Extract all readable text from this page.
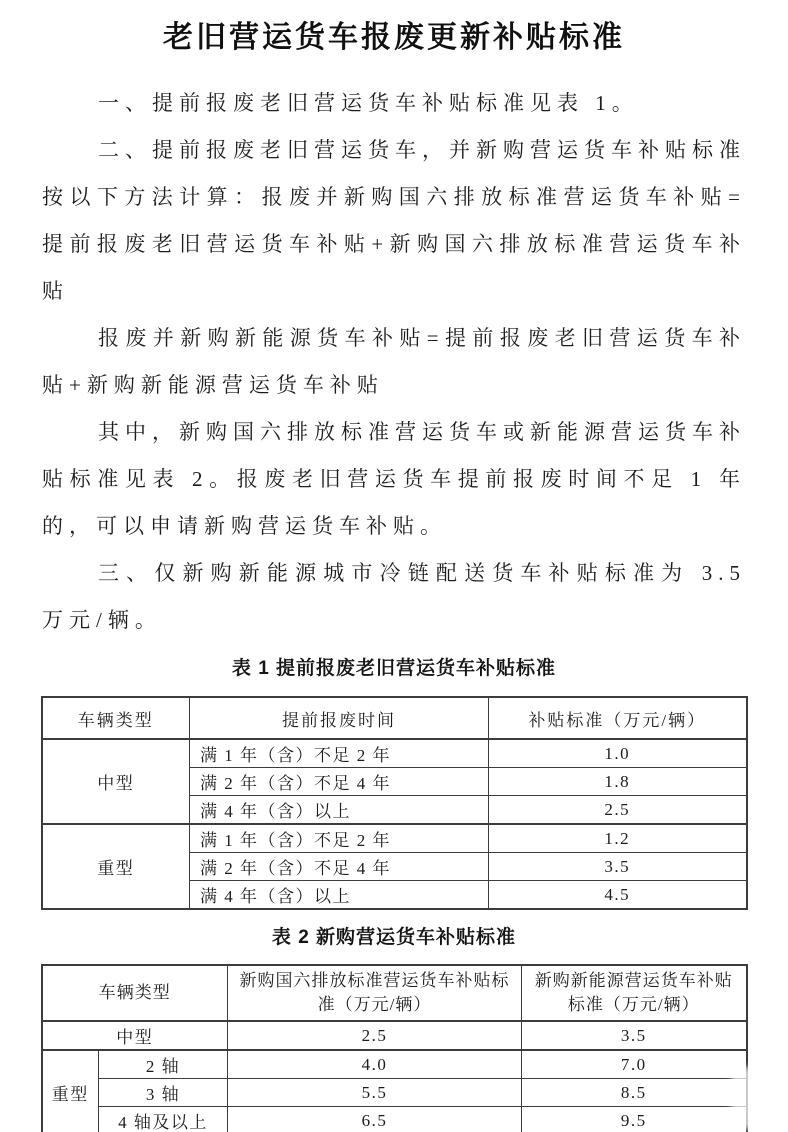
老旧营运货车报废更新补贴标准

一、提前报废老旧营运货车补贴标准见表 1。

二、提前报废老旧营运货车，并新购营运货车补贴标准按以下方法计算：报废并新购国六排放标准营运货车补贴=提前报废老旧营运货车补贴+新购国六排放标准营运货车补贴

报废并新购新能源货车补贴=提前报废老旧营运货车补贴+新购新能源营运货车补贴

其中，新购国六排放标准营运货车或新能源营运货车补贴标准见表 2。报废老旧营运货车提前报废时间不足 1 年的，可以申请新购营运货车补贴。

三、仅新购新能源城市冷链配送货车补贴标准为 3.5 万元/辆。

表 1 提前报废老旧营运货车补贴标准
车辆类型	提前报废时间	补贴标准（万元/辆）
中型	满 1 年（含）不足 2 年	1.0
	满 2 年（含）不足 4 年	1.8
	满 4 年（含）以上	2.5
重型	满 1 年（含）不足 2 年	1.2
	满 2 年（含）不足 4 年	3.5
	满 4 年（含）以上	4.5
表 2 新购营运货车补贴标准
车辆类型		新购国六排放标准营运货车补贴标准（万元/辆）	新购新能源营运货车补贴标准（万元/辆）
中型		2.5	3.5
重型	2 轴	4.0	7.0
	3 轴	5.5	8.5
	4 轴及以上	6.5	9.5
